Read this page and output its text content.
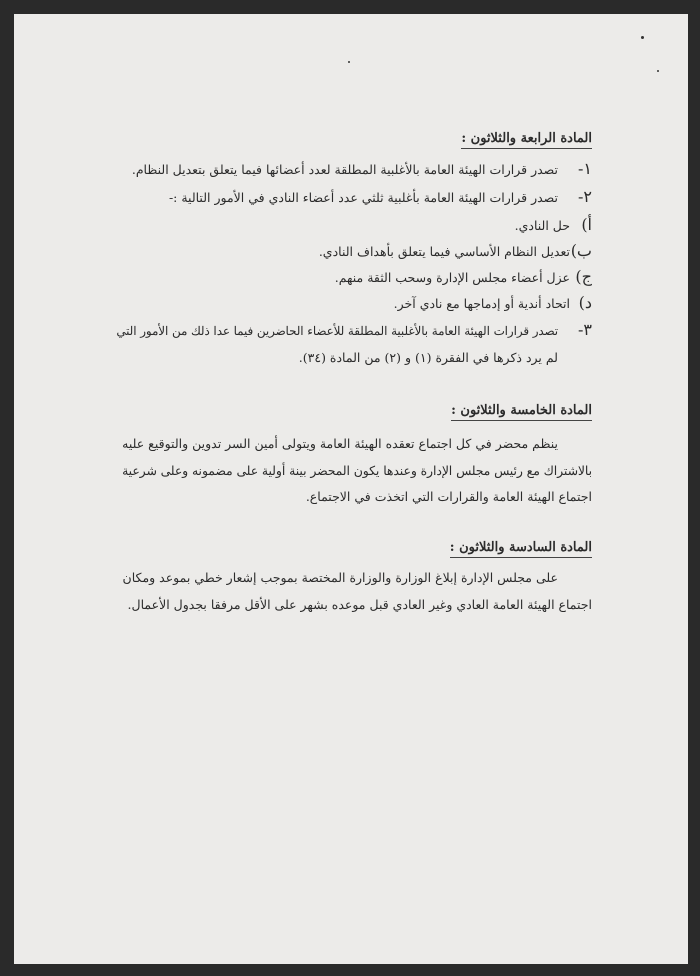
المادة الرابعة والثلاثون :
١-تصدر قرارات الهيئة العامة بالأغلبية المطلقة لعدد أعضائها فيما يتعلق بتعديل النظام.
٢-تصدر قرارات الهيئة العامة بأغلبية ثلثي عدد أعضاء النادي في الأمور التالية :-
أ)حل النادي.
ب)تعديل النظام الأساسي فيما يتعلق بأهداف النادي.
ج)عزل أعضاء مجلس الإدارة وسحب الثقة منهم.
د)اتحاد أندية أو إدماجها مع نادي آخر.
٣-تصدر قرارات الهيئة العامة بالأغلبية المطلقة للأعضاء الحاضرين فيما عدا ذلك من الأمور التي
لم يرد ذكرها في الفقرة (١) و (٢) من المادة (٣٤).
المادة الخامسة والثلاثون :
ينظم محضر في كل اجتماع تعقده الهيئة العامة ويتولى أمين السر تدوين والتوقيع عليه
بالاشتراك مع رئيس مجلس الإدارة وعندها يكون المحضر بينة أولية على مضمونه وعلى شرعية
اجتماع الهيئة العامة والقرارات التي اتخذت في الاجتماع.
المادة السادسة والثلاثون :
على مجلس الإدارة إبلاغ الوزارة والوزارة المختصة بموجب إشعار خطي بموعد ومكان
اجتماع الهيئة العامة العادي وغير العادي قبل موعده بشهر على الأقل مرفقا بجدول الأعمال.
